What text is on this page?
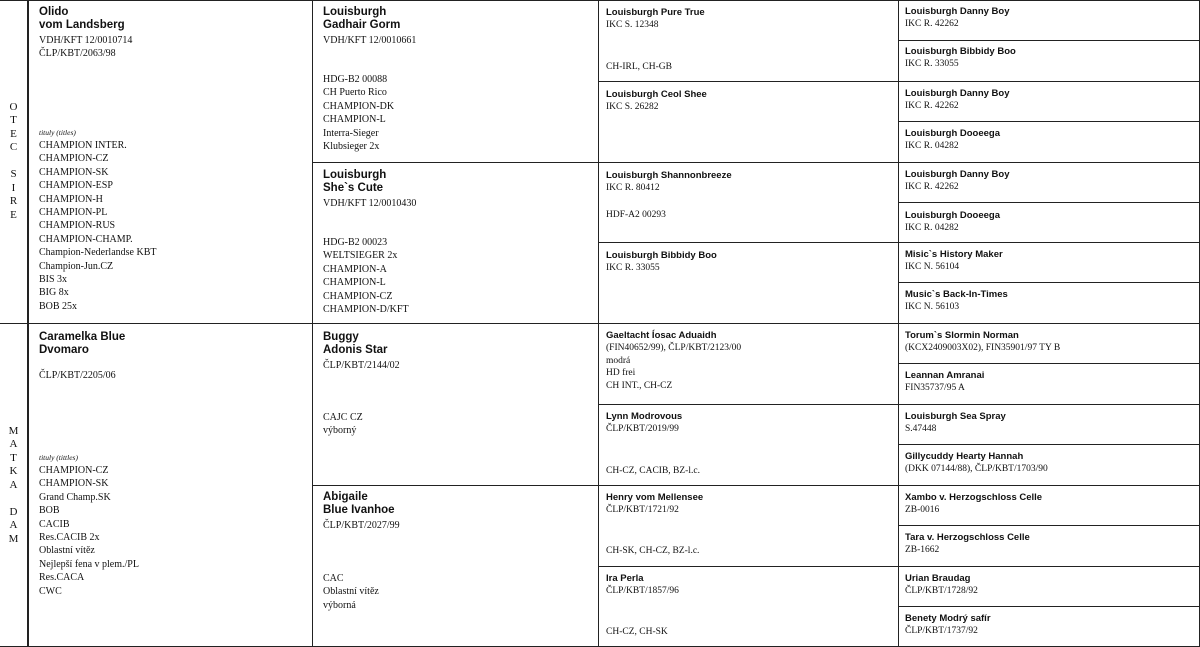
O
T
E
C
S
I
R
E
M
A
T
K
A
D
A
M
Olido
vom Landsberg
VDH/KFT 12/0010714
ČLP/KBT/2063/98
tituly (titles)
CHAMPION INTER.
CHAMPION-CZ
CHAMPION-SK
CHAMPION-ESP
CHAMPION-H
CHAMPION-PL
CHAMPION-RUS
CHAMPION-CHAMP.
Champion-Nederlandse KBT
Champion-Jun.CZ
BIS 3x
BIG 8x
BOB 25x
Caramelka Blue
Dvomaro
ČLP/KBT/2205/06
tituly (tittles)
CHAMPION-CZ
CHAMPION-SK
Grand Champ.SK
BOB
CACIB
Res.CACIB 2x
Oblastní vítěz
Nejlepší fena v plem./PL
Res.CACA
CWC
Louisburgh
Gadhair Gorm
VDH/KFT 12/0010661
HDG-B2 00088
CH Puerto Rico
CHAMPION-DK
CHAMPION-L
Interra-Sieger
Klubsieger 2x
Louisburgh
She`s Cute
VDH/KFT 12/0010430
HDG-B2 00023
WELTSIEGER 2x
CHAMPION-A
CHAMPION-L
CHAMPION-CZ
CHAMPION-D/KFT
Buggy
Adonis Star
ČLP/KBT/2144/02
CAJC CZ
výborný
Abigaile
Blue Ivanhoe
ČLP/KBT/2027/99
CAC
Oblastní vítěz
výborná
Louisburgh Pure True
IKC S. 12348
CH-IRL, CH-GB
Louisburgh Ceol Shee
IKC S. 26282
Louisburgh Shannonbreeze
IKC R. 80412
HDF-A2 00293
Louisburgh Bibbidy Boo
IKC R. 33055
Gaeltacht Íosac Aduaidh
(FIN40652/99), ČLP/KBT/2123/00
modrá
HD frei
CH INT., CH-CZ
Lynn Modrovous
ČLP/KBT/2019/99
CH-CZ, CACIB, BZ-l.c.
Henry vom Mellensee
ČLP/KBT/1721/92
CH-SK, CH-CZ, BZ-l.c.
Ira Perla
ČLP/KBT/1857/96
CH-CZ, CH-SK
Louisburgh Danny Boy
IKC R. 42262
Louisburgh Bibbidy Boo
IKC R. 33055
Louisburgh Danny Boy
IKC R. 42262
Louisburgh Dooeega
IKC R. 04282
Louisburgh Danny Boy
IKC R. 42262
Louisburgh Dooeega
IKC R. 04282
Misic`s History Maker
IKC N. 56104
Music`s Back-In-Times
IKC N. 56103
Torum`s Slormin Norman
(KCX2409003X02), FIN35901/97 TY B
Leannan Amranai
FIN35737/95 A
Louisburgh Sea Spray
S.47448
Gillycuddy Hearty Hannah
(DKK 07144/88), ČLP/KBT/1703/90
Xambo v. Herzogschloss Celle
ZB-0016
Tara v. Herzogschloss Celle
ZB-1662
Urian Braudag
ČLP/KBT/1728/92
Benety Modrý safír
ČLP/KBT/1737/92
